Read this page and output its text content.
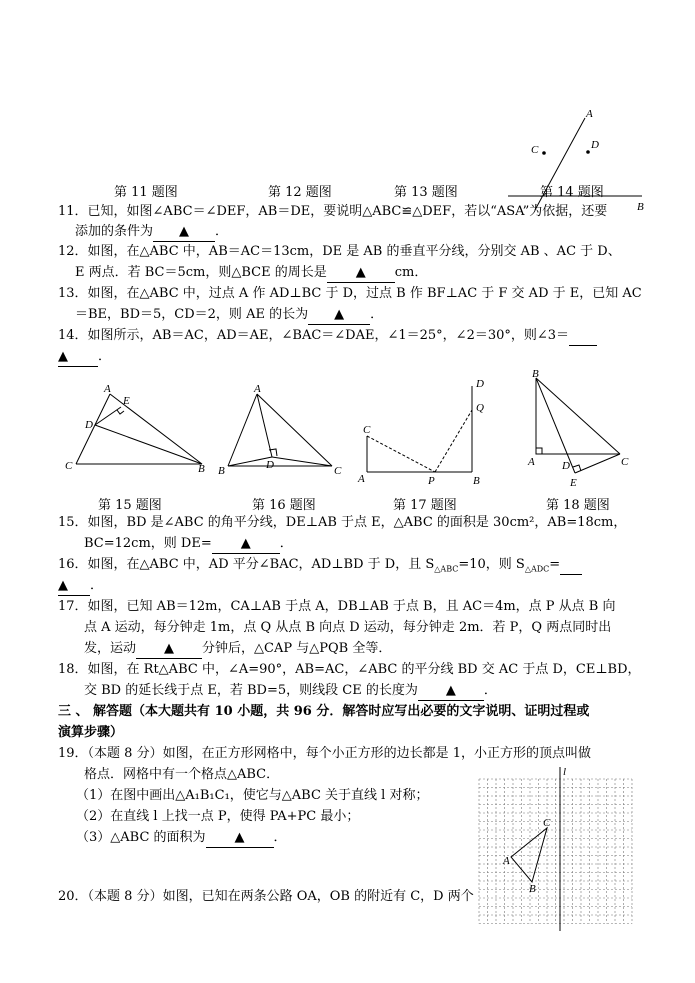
A
C	D
B
第 11 题图	第 12 题图	第 13 题图	第 14 题图
11．已知，如图∠ABC＝∠DEF，AB＝DE，要说明△ABC≌△DEF，若以“ASA”为依据，还要
添加的条件为 ▲ ．
12．如图，在△ABC 中，AB＝AC＝13cm，DE 是 AB 的垂直平分线，分别交 AB 、AC 于 D、
E 两点．若 BC＝5cm，则△BCE 的周长是 ▲ cm．
13．如图，在△ABC 中，过点 A 作 AD⊥BC 于 D，过点 B 作 BF⊥AC 于 F 交 AD 于 E，已知 AC
＝BE，BD＝5，CD＝2，则 AE 的长为 ▲ ．
14．如图所示，AB＝AC，AD＝AE，∠BAC＝∠DAE，∠1＝25°，∠2＝30°，则∠3＝
▲ ．
A
E
D
C	B
A
D
B	C
D
Q
C
A	P	B
B
A D	C
E
第 15 题图	第 16 题图	第 17 题图	第 18 题图
15．如图，BD 是∠ABC 的角平分线，DE⊥AB 于点 E，△ABC 的面积是 30cm²，AB=18cm，
BC=12cm，则 DE= ▲ ．
16．如图，在△ABC 中，AD 平分∠BAC，AD⊥BD 于 D，且 $S_{\triangle ABC}=10$，则 $S_{\triangle ADC}=$
▲ ．
17．如图，已知 AB＝12m，CA⊥AB 于点 A，DB⊥AB 于点 B，且 AC＝4m，点 P 从点 B 向
点 A 运动，每分钟走 1m，点 Q 从点 B 向点 D 运动，每分钟走 2m．若 P，Q 两点同时出
发，运动 ▲ 分钟后，△CAP 与△PQB 全等．
18．如图，在 Rt△ABC 中，∠A=90°，AB=AC，∠ABC 的平分线 BD 交 AC 于点 D，CE⊥BD，
交 BD 的延长线于点 E，若 BD=5，则线段 CE 的长度为 ▲ ．
三 、 解答题（本大题共有 10 小题，共 96 分．解答时应写出必要的文字说明、证明过程或
演算步骤）
19．（本题 8 分）如图，在正方形网格中，每个小正方形的边长都是 1，小正方形的顶点叫做
格点．网格中有一个格点△ABC．
（1）在图中画出△A₁B₁C₁，使它与△ABC 关于直线 l 对称；
（2）在直线 l 上找一点 P，使得 PA+PC 最小；
（3）△ABC 的面积为 ▲ ．
20．（本题 8 分）如图，已知在两条公路 OA，OB 的附近有 C，D 两个
l
A
C
B
